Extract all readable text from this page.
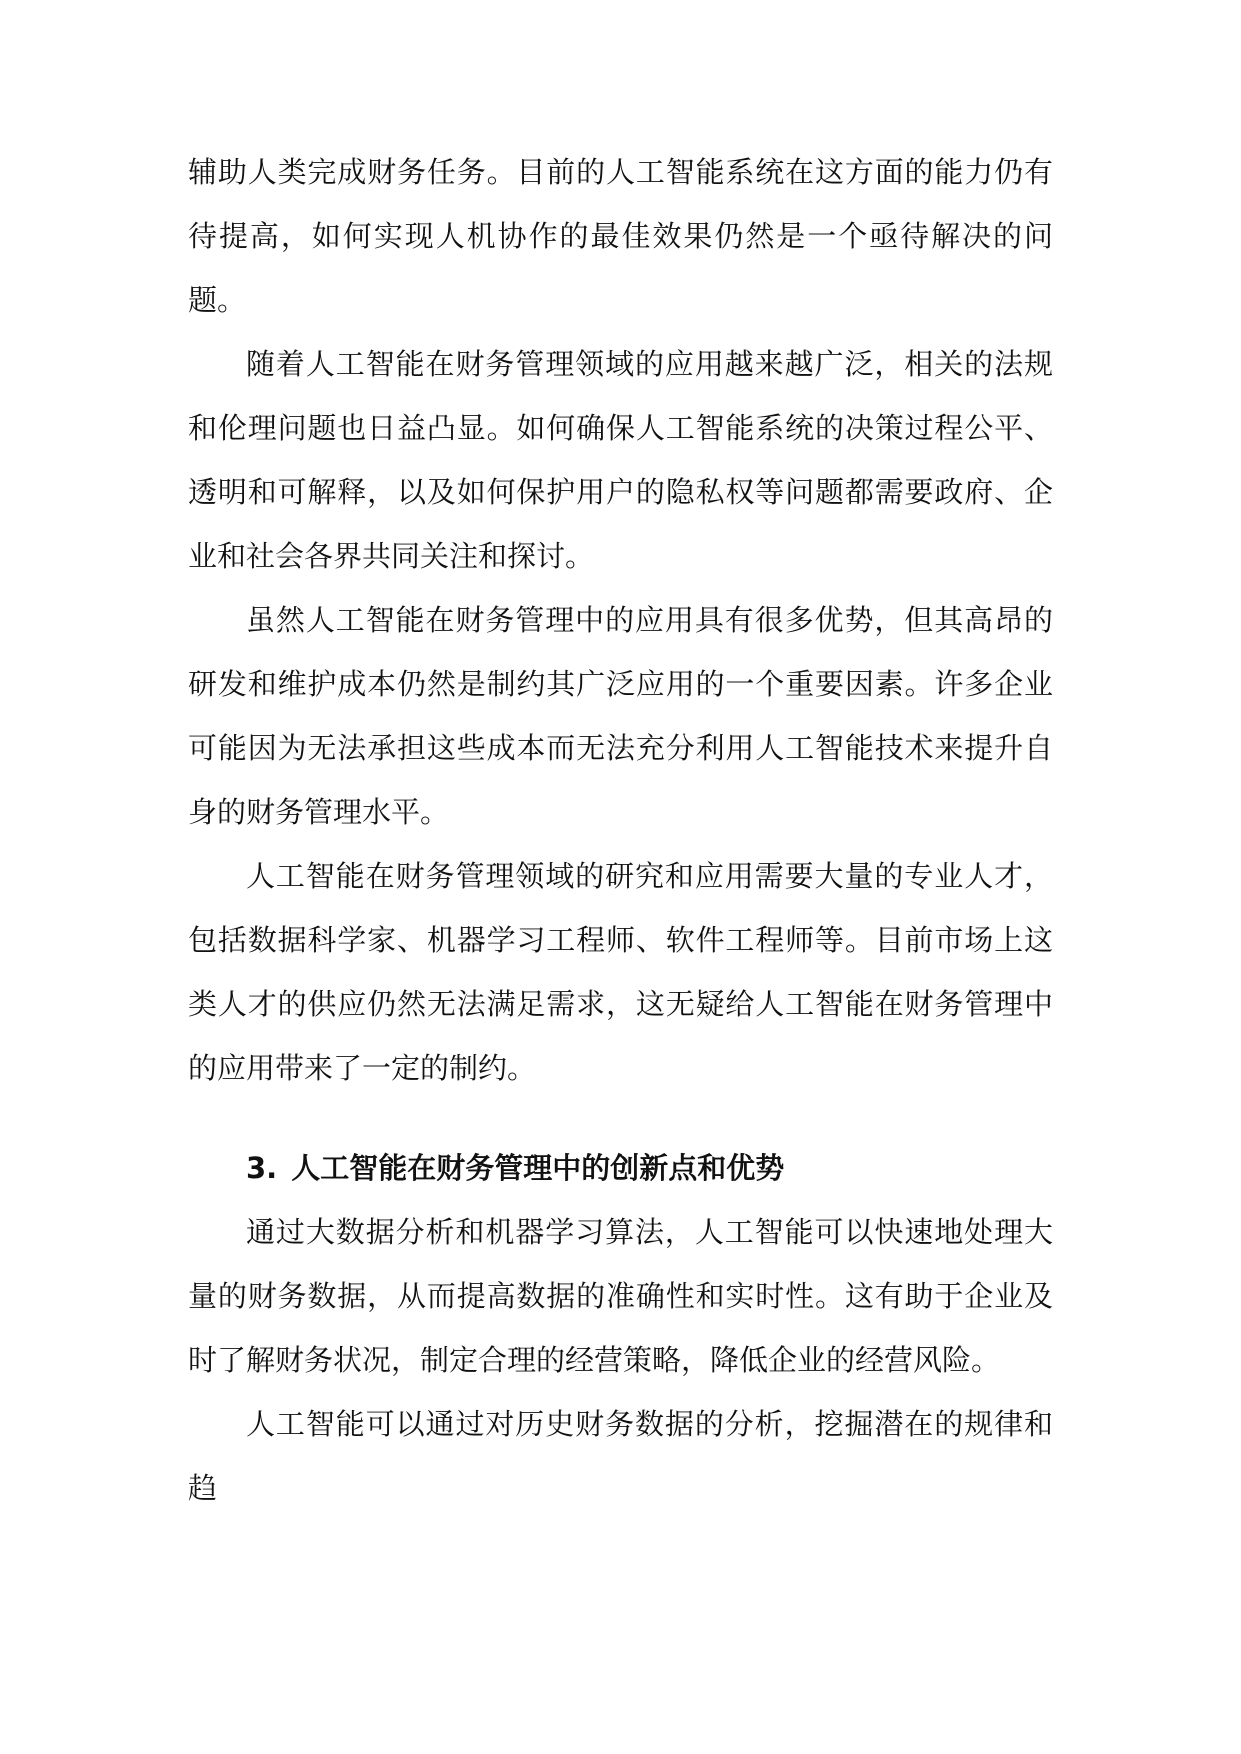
辅助人类完成财务任务。目前的人工智能系统在这方面的能力仍有待提高，如何实现人机协作的最佳效果仍然是一个亟待解决的问题。

随着人工智能在财务管理领域的应用越来越广泛，相关的法规和伦理问题也日益凸显。如何确保人工智能系统的决策过程公平、透明和可解释，以及如何保护用户的隐私权等问题都需要政府、企业和社会各界共同关注和探讨。

虽然人工智能在财务管理中的应用具有很多优势，但其高昂的研发和维护成本仍然是制约其广泛应用的一个重要因素。许多企业可能因为无法承担这些成本而无法充分利用人工智能技术来提升自身的财务管理水平。

人工智能在财务管理领域的研究和应用需要大量的专业人才，包括数据科学家、机器学习工程师、软件工程师等。目前市场上这类人才的供应仍然无法满足需求，这无疑给人工智能在财务管理中的应用带来了一定的制约。

3. 人工智能在财务管理中的创新点和优势

通过大数据分析和机器学习算法，人工智能可以快速地处理大量的财务数据，从而提高数据的准确性和实时性。这有助于企业及时了解财务状况，制定合理的经营策略，降低企业的经营风险。

人工智能可以通过对历史财务数据的分析，挖掘潜在的规律和趋
